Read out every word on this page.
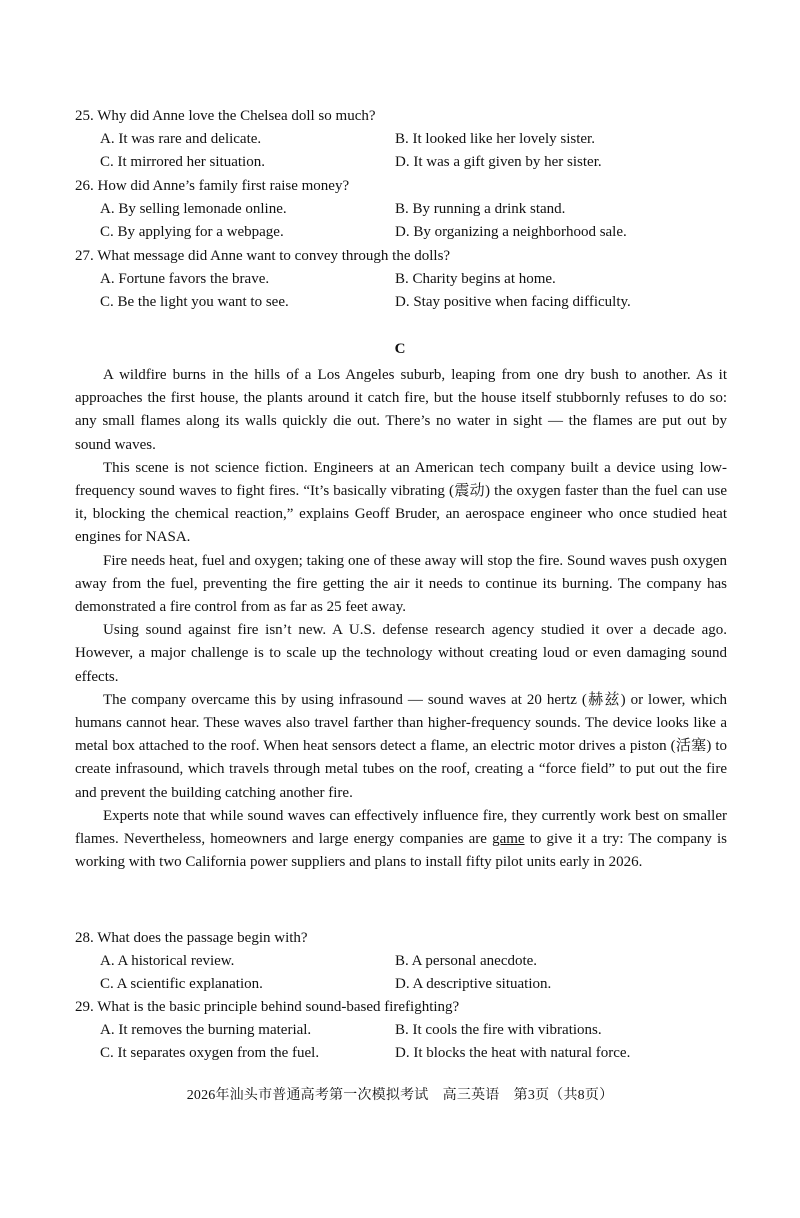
25. Why did Anne love the Chelsea doll so much?
A. It was rare and delicate.	B. It looked like her lovely sister.
C. It mirrored her situation.	D. It was a gift given by her sister.
26. How did Anne’s family first raise money?
A. By selling lemonade online.	B. By running a drink stand.
C. By applying for a webpage.	D. By organizing a neighborhood sale.
27. What message did Anne want to convey through the dolls?
A. Fortune favors the brave.	B. Charity begins at home.
C. Be the light you want to see.	D. Stay positive when facing difficulty.
C

A wildfire burns in the hills of a Los Angeles suburb, leaping from one dry bush to another. As it approaches the first house, the plants around it catch fire, but the house itself stubbornly refuses to do so: any small flames along its walls quickly die out. There’s no water in sight — the flames are put out by sound waves.

This scene is not science fiction. Engineers at an American tech company built a device using low-frequency sound waves to fight fires. “It’s basically vibrating (震动) the oxygen faster than the fuel can use it, blocking the chemical reaction,” explains Geoff Bruder, an aerospace engineer who once studied heat engines for NASA.

Fire needs heat, fuel and oxygen; taking one of these away will stop the fire. Sound waves push oxygen away from the fuel, preventing the fire getting the air it needs to continue its burning. The company has demonstrated a fire control from as far as 25 feet away.

Using sound against fire isn’t new. A U.S. defense research agency studied it over a decade ago. However, a major challenge is to scale up the technology without creating loud or even damaging sound effects.

The company overcame this by using infrasound — sound waves at 20 hertz (赫兹) or lower, which humans cannot hear. These waves also travel farther than higher-frequency sounds. The device looks like a metal box attached to the roof. When heat sensors detect a flame, an electric motor drives a piston (活塞) to create infrasound, which travels through metal tubes on the roof, creating a “force field” to put out the fire and prevent the building catching another fire.

Experts note that while sound waves can effectively influence fire, they currently work best on smaller flames. Nevertheless, homeowners and large energy companies are game to give it a try: The company is working with two California power suppliers and plans to install fifty pilot units early in 2026.

28. What does the passage begin with?
A. A historical review.	B. A personal anecdote.
C. A scientific explanation.	D. A descriptive situation.
29. What is the basic principle behind sound-based firefighting?
A. It removes the burning material.	B. It cools the fire with vibrations.
C. It separates oxygen from the fuel.	D. It blocks the heat with natural force.
2026年汕头市普通高考第一次模拟考试　高三英语　第3页（共8页）
